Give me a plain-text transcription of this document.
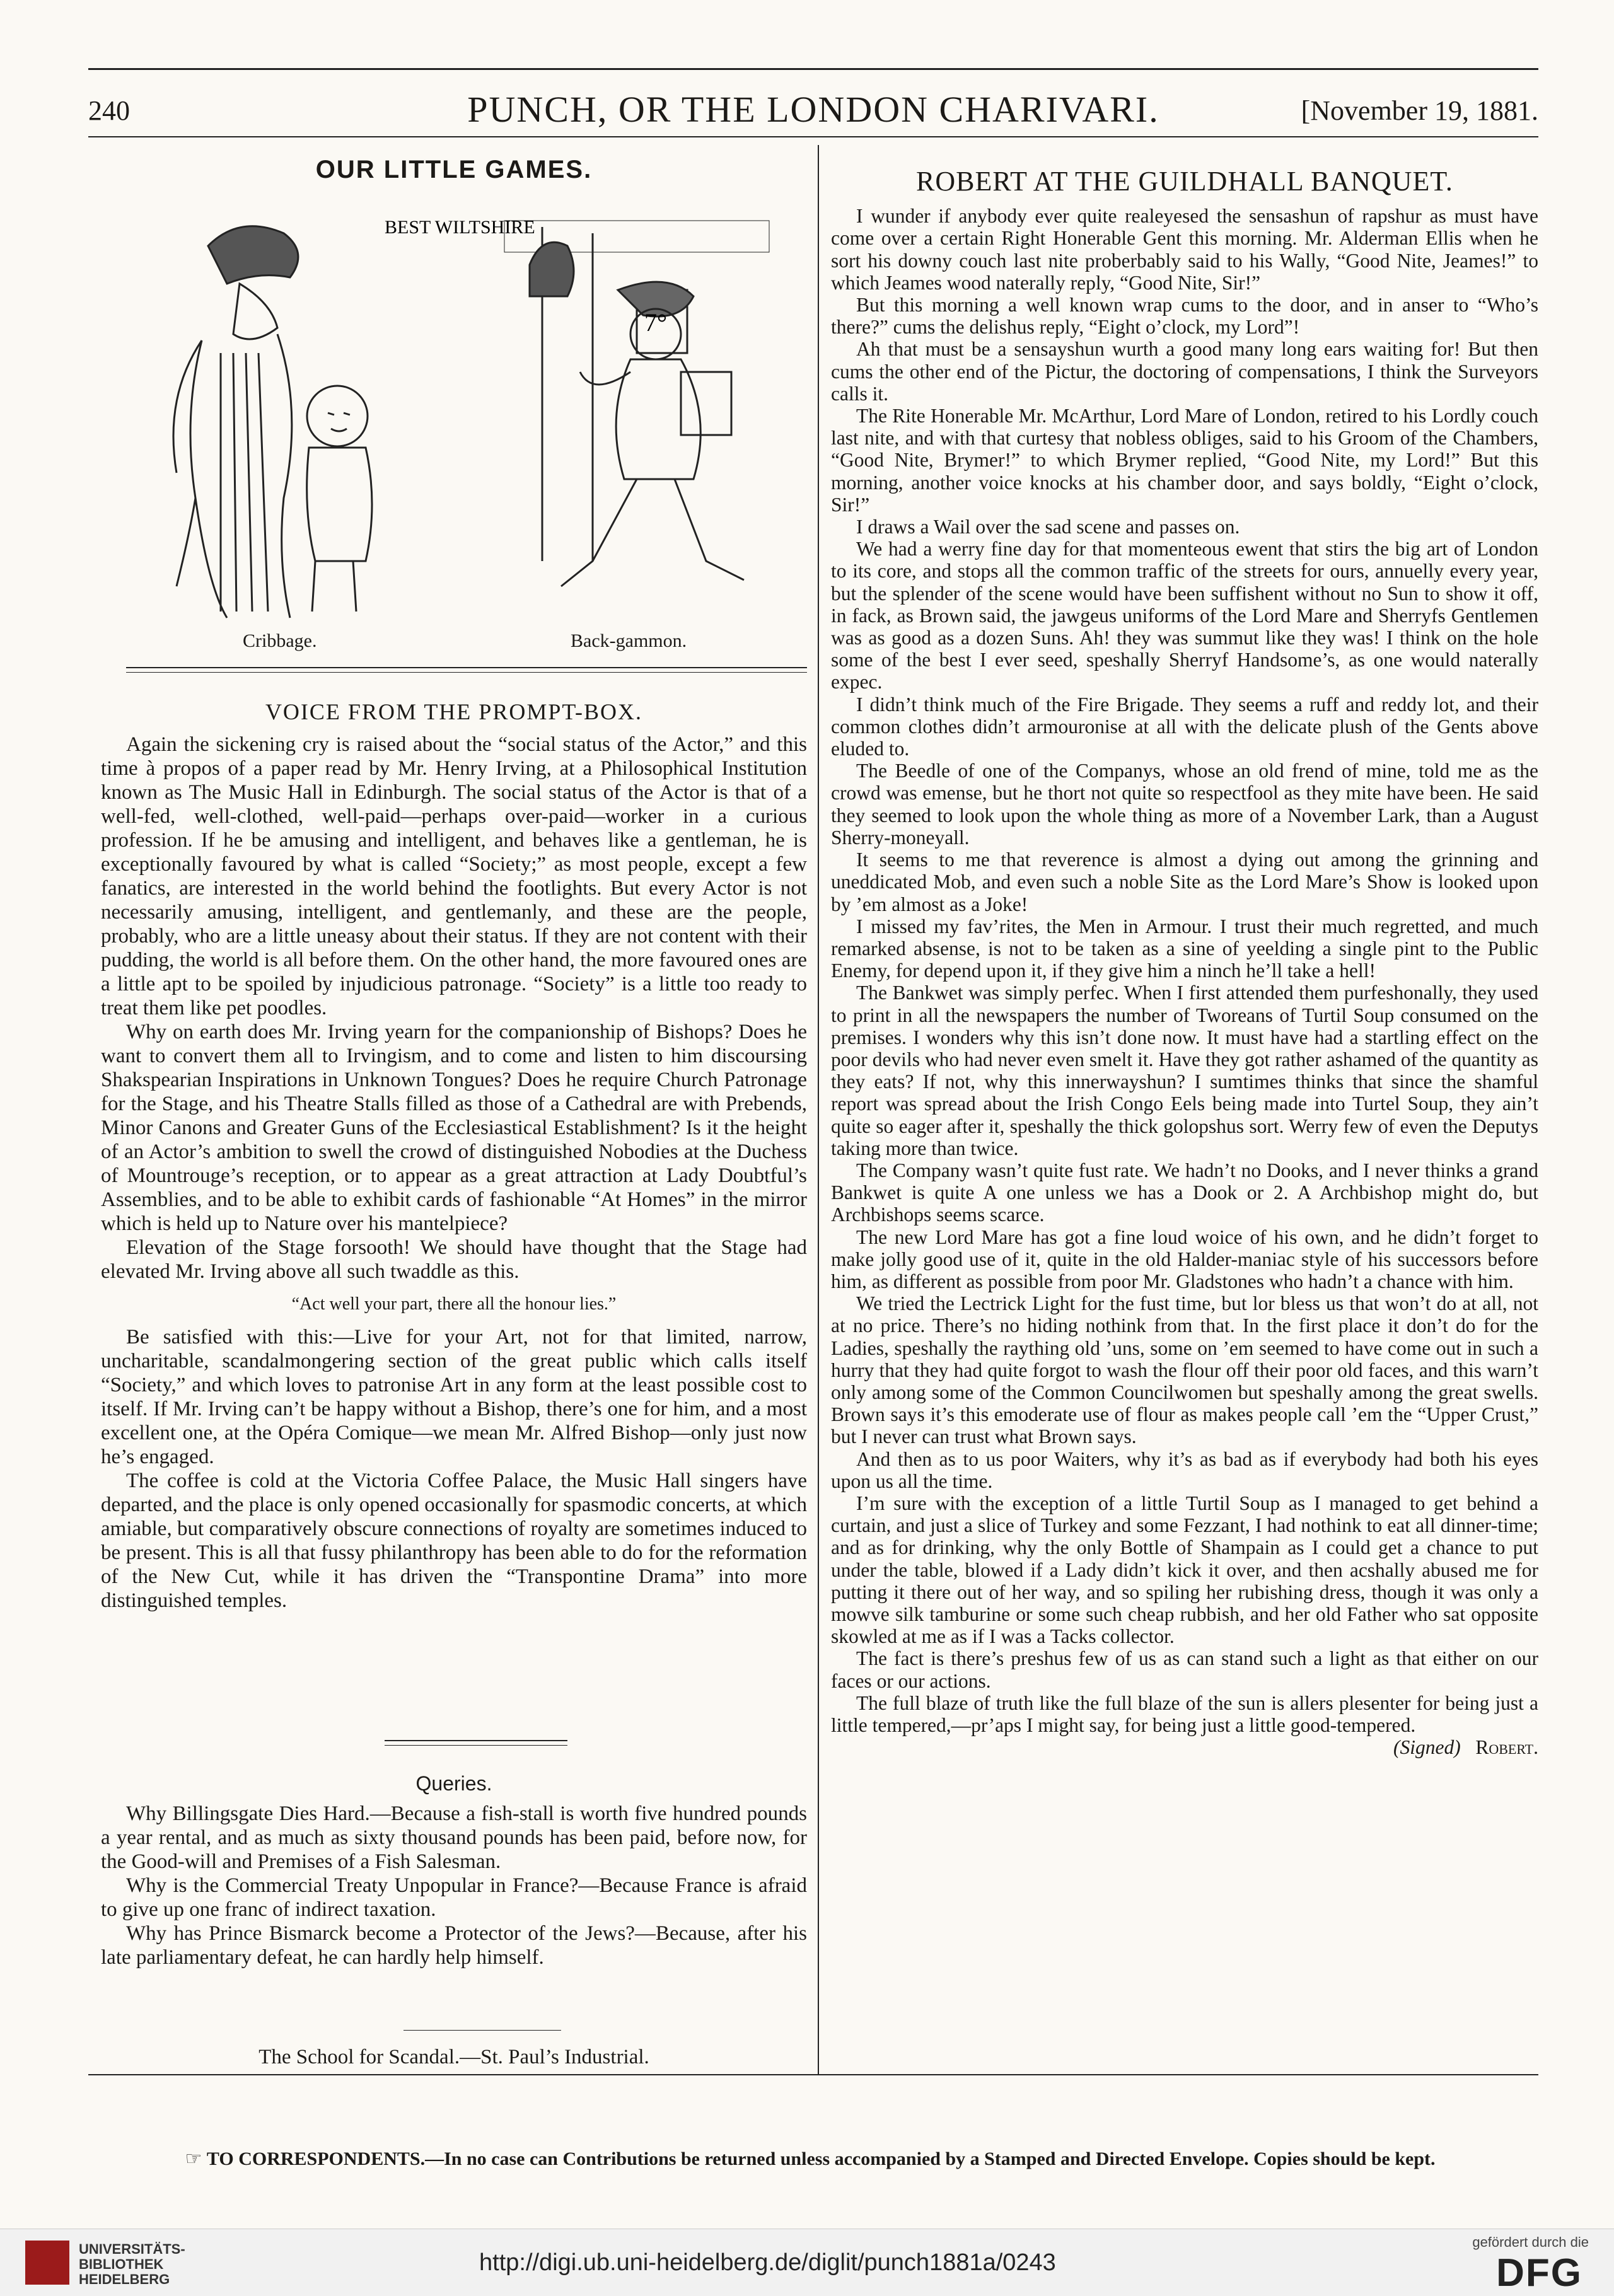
240	PUNCH, OR THE LONDON CHARIVARI.	[November 19, 1881.
OUR LITTLE GAMES.
BEST WILTSHIRE
7°
Cribbage.	Back-gammon.
VOICE FROM THE PROMPT-BOX.

Again the sickening cry is raised about the “social status of the Actor,” and this time à propos of a paper read by Mr. Henry Irving, at a Philosophical Institution known as The Music Hall in Edinburgh. The social status of the Actor is that of a well-fed, well-clothed, well-paid—perhaps over-paid—worker in a curious profession. If he be amusing and intelligent, and behaves like a gentleman, he is exceptionally favoured by what is called “Society;” as most people, except a few fanatics, are interested in the world behind the footlights. But every Actor is not necessarily amusing, intelligent, and gentlemanly, and these are the people, probably, who are a little uneasy about their status. If they are not content with their pudding, the world is all before them. On the other hand, the more favoured ones are a little apt to be spoiled by injudicious patronage. “Society” is a little too ready to treat them like pet poodles.

Why on earth does Mr. Irving yearn for the companionship of Bishops? Does he want to convert them all to Irvingism, and to come and listen to him discoursing Shakspearian Inspirations in Unknown Tongues? Does he require Church Patronage for the Stage, and his Theatre Stalls filled as those of a Cathedral are with Prebends, Minor Canons and Greater Guns of the Ecclesiastical Establishment? Is it the height of an Actor’s ambition to swell the crowd of distinguished Nobodies at the Duchess of Mountrouge’s reception, or to appear as a great attraction at Lady Doubtful’s Assemblies, and to be able to exhibit cards of fashionable “At Homes” in the mirror which is held up to Nature over his mantelpiece?

Elevation of the Stage forsooth! We should have thought that the Stage had elevated Mr. Irving above all such twaddle as this.

“Act well your part, there all the honour lies.”

Be satisfied with this:—Live for your Art, not for that limited, narrow, uncharitable, scandalmongering section of the great public which calls itself “Society,” and which loves to patronise Art in any form at the least possible cost to itself. If Mr. Irving can’t be happy without a Bishop, there’s one for him, and a most excellent one, at the Opéra Comique—we mean Mr. Alfred Bishop—only just now he’s engaged.

The coffee is cold at the Victoria Coffee Palace, the Music Hall singers have departed, and the place is only opened occasionally for spasmodic concerts, at which amiable, but comparatively obscure connections of royalty are sometimes induced to be present. This is all that fussy philanthropy has been able to do for the reformation of the New Cut, while it has driven the “Transpontine Drama” into more distinguished temples.

Queries.

Why Billingsgate Dies Hard.—Because a fish-stall is worth five hundred pounds a year rental, and as much as sixty thousand pounds has been paid, before now, for the Good-will and Premises of a Fish Salesman.

Why is the Commercial Treaty Unpopular in France?—Because France is afraid to give up one franc of indirect taxation.

Why has Prince Bismarck become a Protector of the Jews?—Because, after his late parliamentary defeat, he can hardly help himself.

The School for Scandal.—St. Paul’s Industrial.

ROBERT AT THE GUILDHALL BANQUET.

I wunder if anybody ever quite realeyesed the sensashun of rapshur as must have come over a certain Right Honerable Gent this morning. Mr. Alderman Ellis when he sort his downy couch last nite proberbably said to his Wally, “Good Nite, Jeames!” to which Jeames wood naterally reply, “Good Nite, Sir!”

But this morning a well known wrap cums to the door, and in anser to “Who’s there?” cums the delishus reply, “Eight o’clock, my Lord”!

Ah that must be a sensayshun wurth a good many long ears waiting for! But then cums the other end of the Pictur, the doctoring of compensations, I think the Surveyors calls it.

The Rite Honerable Mr. McArthur, Lord Mare of London, retired to his Lordly couch last nite, and with that curtesy that nobless obliges, said to his Groom of the Chambers, “Good Nite, Brymer!” to which Brymer replied, “Good Nite, my Lord!” But this morning, another voice knocks at his chamber door, and says boldly, “Eight o’clock, Sir!”

I draws a Wail over the sad scene and passes on.

We had a werry fine day for that momenteous ewent that stirs the big art of London to its core, and stops all the common traffic of the streets for ours, annuelly every year, but the splender of the scene would have been suffishent without no Sun to show it off, in fack, as Brown said, the jawgeus uniforms of the Lord Mare and Sherryfs Gentlemen was as good as a dozen Suns. Ah! they was summut like they was! I think on the hole some of the best I ever seed, speshally Sherryf Handsome’s, as one would naterally expec.

I didn’t think much of the Fire Brigade. They seems a ruff and reddy lot, and their common clothes didn’t armouronise at all with the delicate plush of the Gents above eluded to.

The Beedle of one of the Companys, whose an old frend of mine, told me as the crowd was emense, but he thort not quite so respectfool as they mite have been. He said they seemed to look upon the whole thing as more of a November Lark, than a August Sherry-moneyall.

It seems to me that reverence is almost a dying out among the grinning and uneddicated Mob, and even such a noble Site as the Lord Mare’s Show is looked upon by ’em almost as a Joke!

I missed my fav’rites, the Men in Armour. I trust their much regretted, and much remarked absense, is not to be taken as a sine of yeelding a single pint to the Public Enemy, for depend upon it, if they give him a ninch he’ll take a hell!

The Bankwet was simply perfec. When I first attended them purfeshonally, they used to print in all the newspapers the number of Tworeans of Turtil Soup consumed on the premises. I wonders why this isn’t done now. It must have had a startling effect on the poor devils who had never even smelt it. Have they got rather ashamed of the quantity as they eats? If not, why this innerwayshun? I sumtimes thinks that since the shamful report was spread about the Irish Congo Eels being made into Turtel Soup, they ain’t quite so eager after it, speshally the thick golopshus sort. Werry few of even the Deputys taking more than twice.

The Company wasn’t quite fust rate. We hadn’t no Dooks, and I never thinks a grand Bankwet is quite A one unless we has a Dook or 2. A Archbishop might do, but Archbishops seems scarce.

The new Lord Mare has got a fine loud woice of his own, and he didn’t forget to make jolly good use of it, quite in the old Halder-maniac style of his successors before him, as different as possible from poor Mr. Gladstones who hadn’t a chance with him.

We tried the Lectrick Light for the fust time, but lor bless us that won’t do at all, not at no price. There’s no hiding nothink from that. In the first place it don’t do for the Ladies, speshally the raything old ’uns, some on ’em seemed to have come out in such a hurry that they had quite forgot to wash the flour off their poor old faces, and this warn’t only among some of the Common Councilwomen but speshally among the great swells. Brown says it’s this emoderate use of flour as makes people call ’em the “Upper Crust,” but I never can trust what Brown says.

And then as to us poor Waiters, why it’s as bad as if everybody had both his eyes upon us all the time.

I’m sure with the exception of a little Turtil Soup as I managed to get behind a curtain, and just a slice of Turkey and some Fezzant, I had nothink to eat all dinner-time; and as for drinking, why the only Bottle of Shampain as I could get a chance to put under the table, blowed if a Lady didn’t kick it over, and then acshally abused me for putting it there out of her way, and so spiling her rubishing dress, though it was only a mowve silk tamburine or some such cheap rubbish, and her old Father who sat opposite skowled at me as if I was a Tacks collector.

The fact is there’s preshus few of us as can stand such a light as that either on our faces or our actions.

The full blaze of truth like the full blaze of the sun is allers plesenter for being just a little tempered,—pr’aps I might say, for being just a little good-tempered.

(Signed) Robert.

☞ TO CORRESPONDENTS.—In no case can Contributions be returned unless accompanied by a Stamped and Directed Envelope. Copies should be kept.
UNIVERSITÄTS-
BIBLIOTHEK
HEIDELBERG
http://digi.ub.uni-heidelberg.de/diglit/punch1881a/0243
gefördert durch die
DFG
